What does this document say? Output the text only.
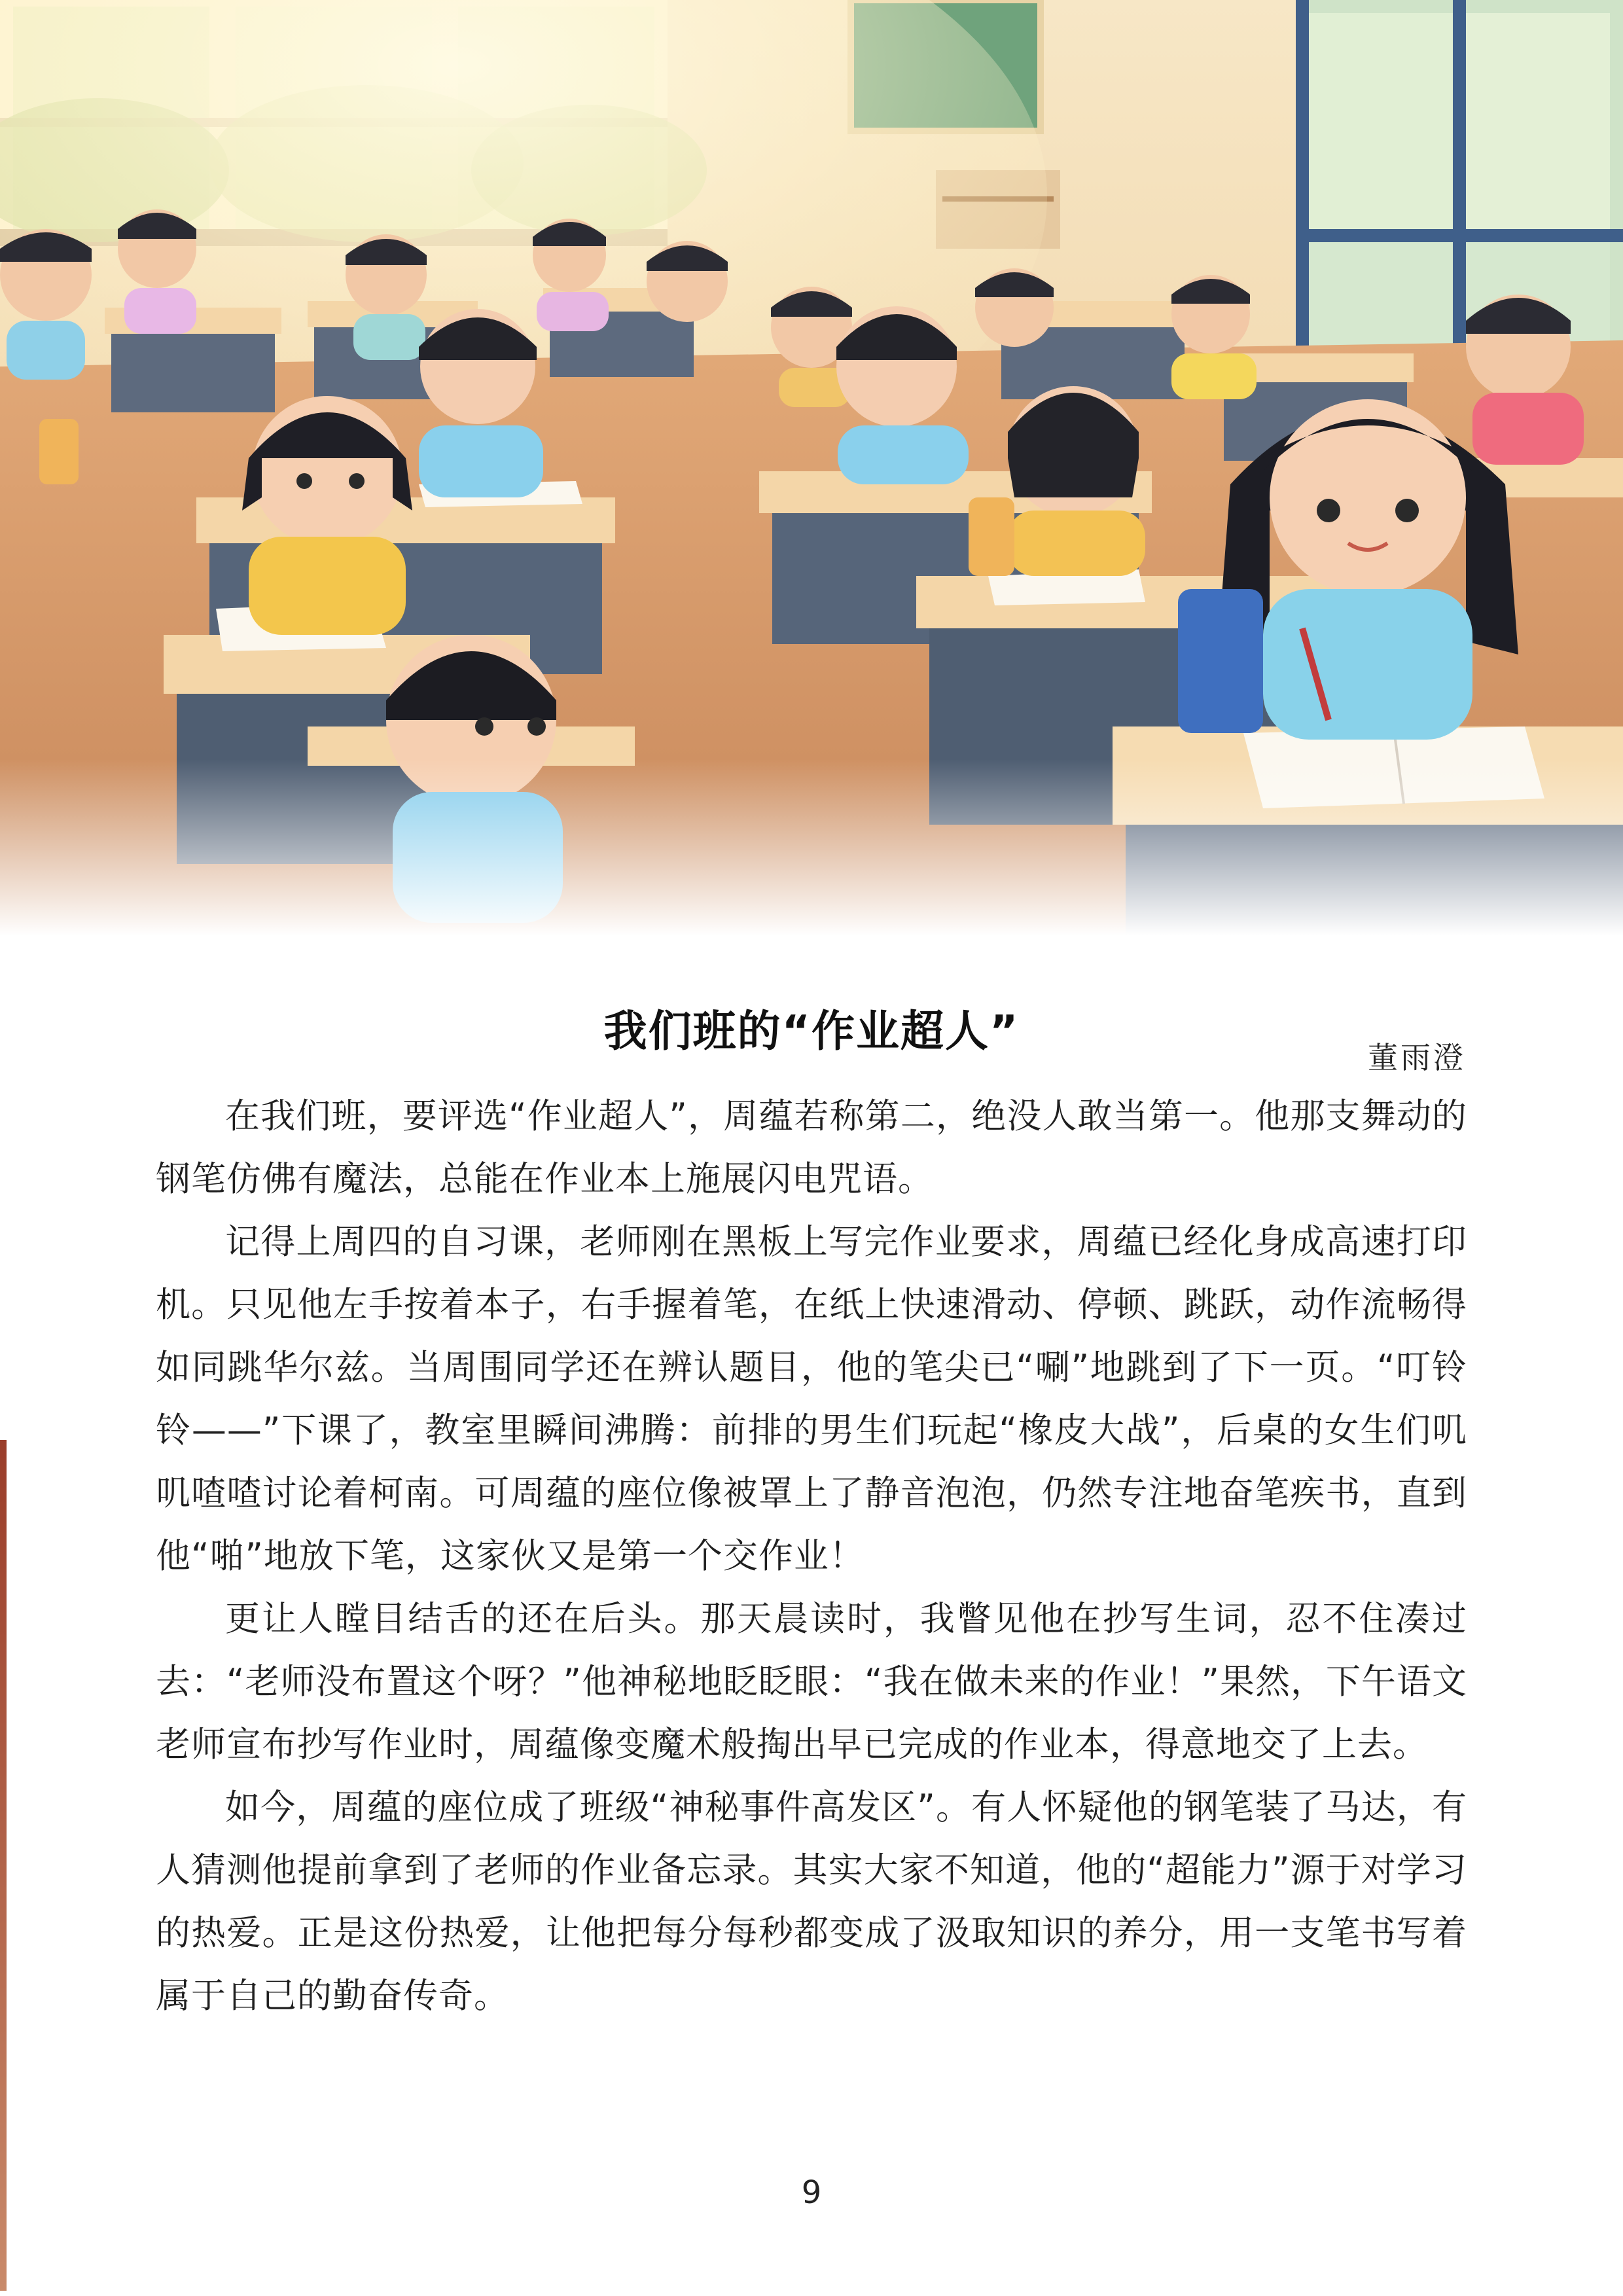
我们班的“作业超人”
董雨澄

在我们班，要评选“作业超人”，周蕴若称第二，绝没人敢当第一。他那支舞动的钢笔仿佛有魔法，总能在作业本上施展闪电咒语。

记得上周四的自习课，老师刚在黑板上写完作业要求，周蕴已经化身成高速打印机。只见他左手按着本子，右手握着笔，在纸上快速滑动、停顿、跳跃，动作流畅得如同跳华尔兹。当周围同学还在辨认题目，他的笔尖已“唰”地跳到了下一页。“叮铃铃——”下课了，教室里瞬间沸腾：前排的男生们玩起“橡皮大战”，后桌的女生们叽叽喳喳讨论着柯南。可周蕴的座位像被罩上了静音泡泡，仍然专注地奋笔疾书，直到他“啪”地放下笔，这家伙又是第一个交作业！

更让人瞠目结舌的还在后头。那天晨读时，我瞥见他在抄写生词，忍不住凑过去：“老师没布置这个呀？”他神秘地眨眨眼：“我在做未来的作业！”果然，下午语文老师宣布抄写作业时，周蕴像变魔术般掏出早已完成的作业本，得意地交了上去。

如今，周蕴的座位成了班级“神秘事件高发区”。有人怀疑他的钢笔装了马达，有人猜测他提前拿到了老师的作业备忘录。其实大家不知道，他的“超能力”源于对学习的热爱。正是这份热爱，让他把每分每秒都变成了汲取知识的养分，用一支笔书写着属于自己的勤奋传奇。

9
